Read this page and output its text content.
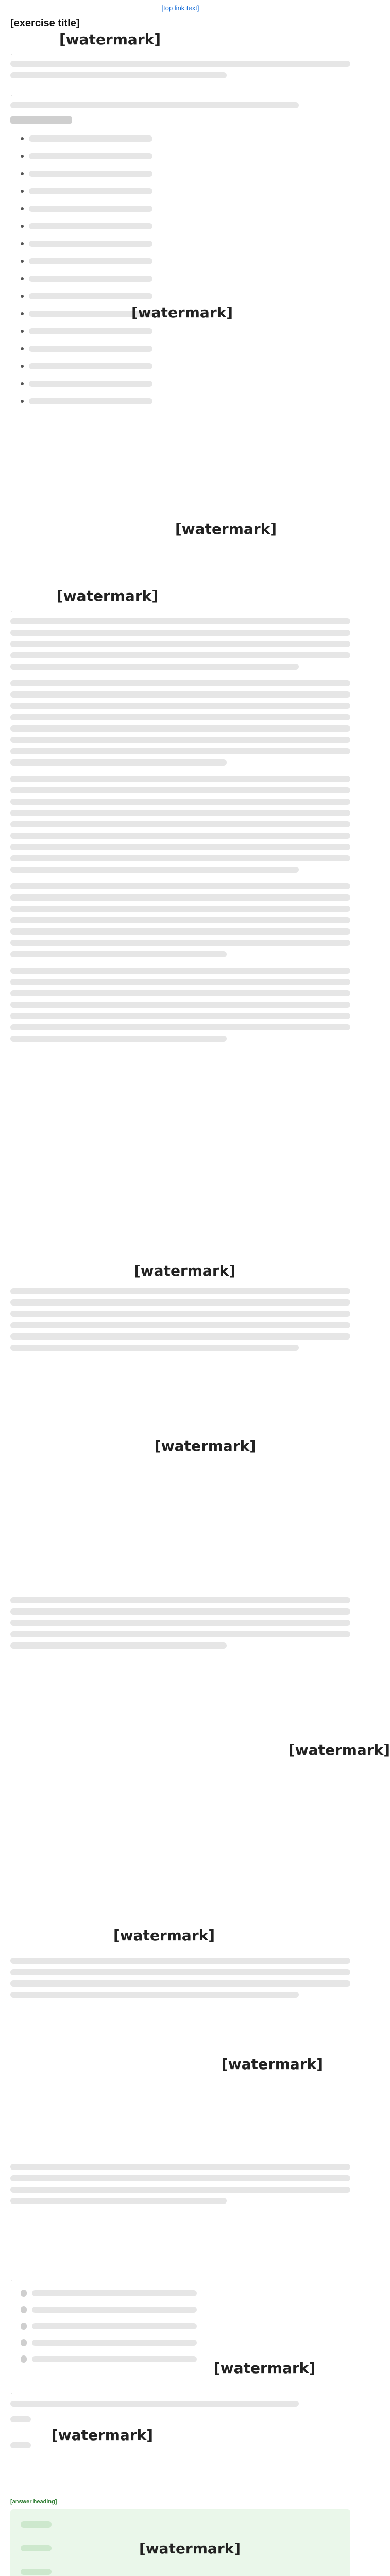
[top link text]
[exercise title]
·
[watermark]
·
[watermark]
[watermark]
[watermark]
·
[watermark]
[watermark]
[watermark]
[watermark]
[watermark]
·
[watermark]
[watermark]
·
[answer heading]
[watermark]
